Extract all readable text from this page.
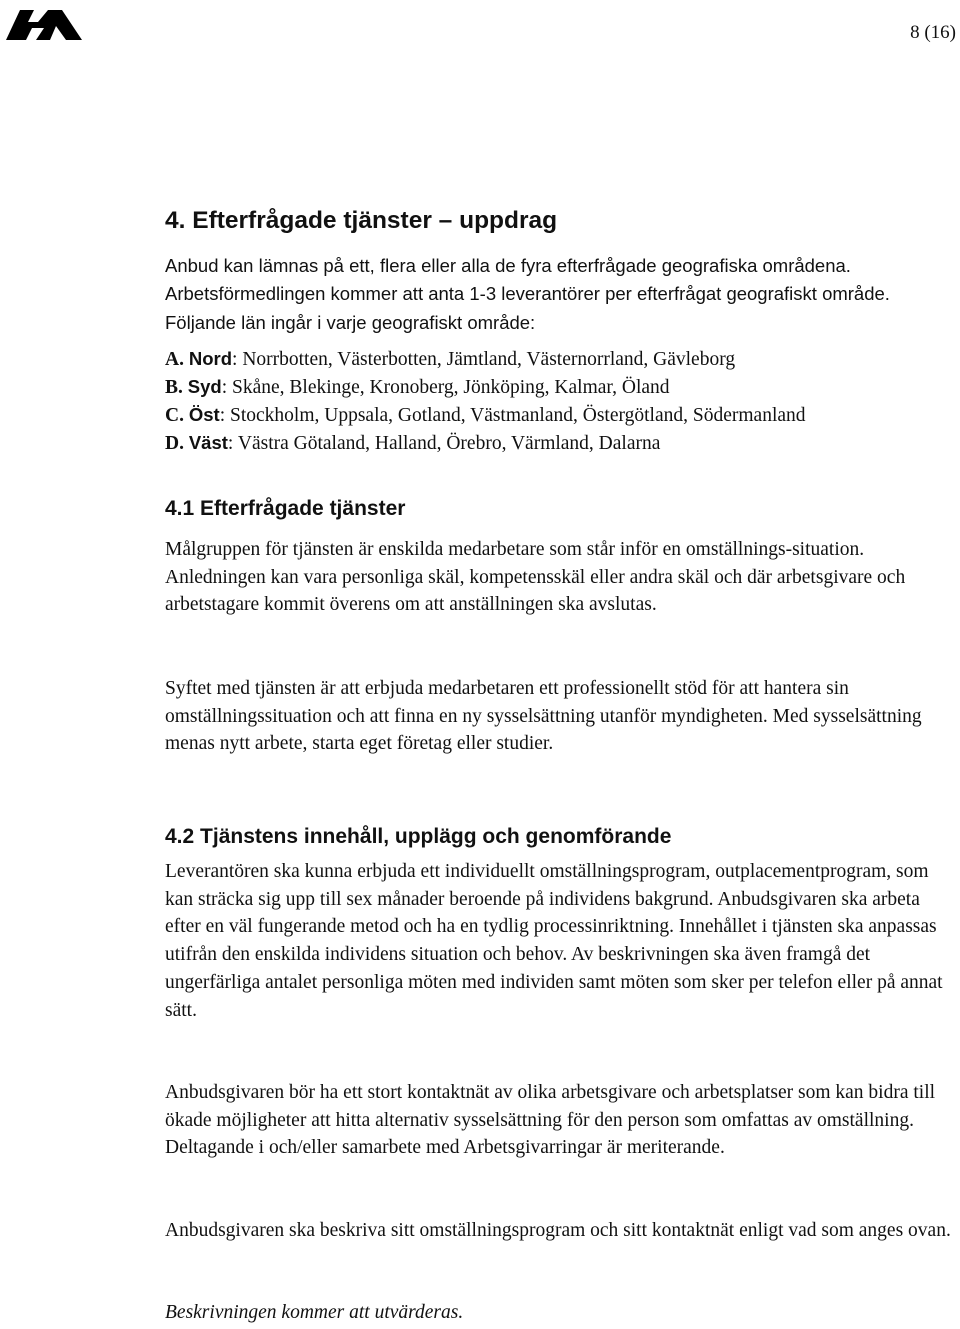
8 (16)
4. Efterfrågade tjänster – uppdrag

Anbud kan lämnas på ett, flera eller alla de fyra efterfrågade geografiska områdena. Arbetsförmedlingen kommer att anta 1-3 leverantörer per efterfrågat geografiskt område. Följande län ingår i varje geografiskt område:

A. Nord: Norrbotten, Västerbotten, Jämtland, Västernorrland, Gävleborg
B. Syd: Skåne, Blekinge, Kronoberg, Jönköping, Kalmar, Öland
C. Öst: Stockholm, Uppsala, Gotland, Västmanland, Östergötland, Södermanland
D. Väst: Västra Götaland, Halland, Örebro, Värmland, Dalarna
4.1 Efterfrågade tjänster

Målgruppen för tjänsten är enskilda medarbetare som står inför en omställnings-situation. Anledningen kan vara personliga skäl, kompetensskäl eller andra skäl och där arbetsgivare och arbetstagare kommit överens om att anställningen ska avslutas.

Syftet med tjänsten är att erbjuda medarbetaren ett professionellt stöd för att hantera sin omställningssituation och att finna en ny sysselsättning utanför myndigheten. Med sysselsättning menas nytt arbete, starta eget företag eller studier.

4.2 Tjänstens innehåll, upplägg och genomförande

Leverantören ska kunna erbjuda ett individuellt omställningsprogram, outplacementprogram, som kan sträcka sig upp till sex månader beroende på individens bakgrund. Anbudsgivaren ska arbeta efter en väl fungerande metod och ha en tydlig processinriktning. Innehållet i tjänsten ska anpassas utifrån den enskilda individens situation och behov. Av beskrivningen ska även framgå det ungerfärliga antalet personliga möten med individen samt möten som sker per telefon eller på annat sätt.

Anbudsgivaren bör ha ett stort kontaktnät av olika arbetsgivare och arbetsplatser som kan bidra till ökade möjligheter att hitta alternativ sysselsättning för den person som omfattas av omställning. Deltagande i och/eller samarbete med Arbetsgivarringar är meriterande.

Anbudsgivaren ska beskriva sitt omställningsprogram och sitt kontaktnät enligt vad som anges ovan.

Beskrivningen kommer att utvärderas.
